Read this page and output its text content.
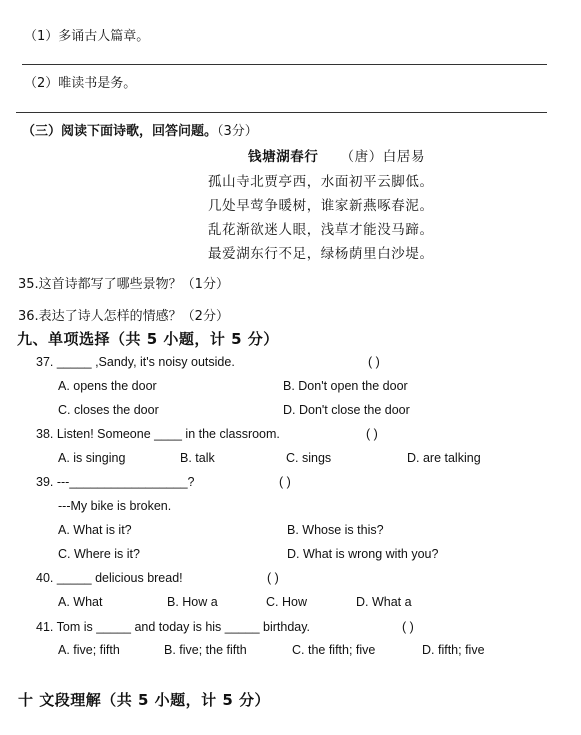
（1）多诵古人篇章。
（2）唯读书是务。
（三）阅读下面诗歌，回答问题。（3分）
钱塘湖春行 （唐）白居易
孤山寺北贾亭西，水面初平云脚低。
几处早莺争暖树，谁家新燕啄春泥。
乱花渐欲迷人眼，浅草才能没马蹄。
最爱湖东行不足，绿杨荫里白沙堤。
35.这首诗都写了哪些景物？（1分）
36.表达了诗人怎样的情感？（2分）
九、单项选择（共 5 小题，计 5 分）
37. _____ ,Sandy, it's noisy outside.	( )
A. opens the door	B. Don't open the door
C. closes the door	D. Don't close the door
38. Listen! Someone ____ in the classroom.	( )
A. is singing	B. talk	C. sings	D. are talking
39. ---_________________?	( )
---My bike is broken.
A. What is it?	B. Whose is this?
C. Where is it?	D. What is wrong with you?
40. _____ delicious bread!	( )
A. What	B. How a	C. How	D. What a
41. Tom is _____ and today is his _____ birthday.	( )
A. five; fifth	B. five; the fifth	C. the fifth; five	D. fifth; five
十 文段理解（共 5 小题，计 5 分）
